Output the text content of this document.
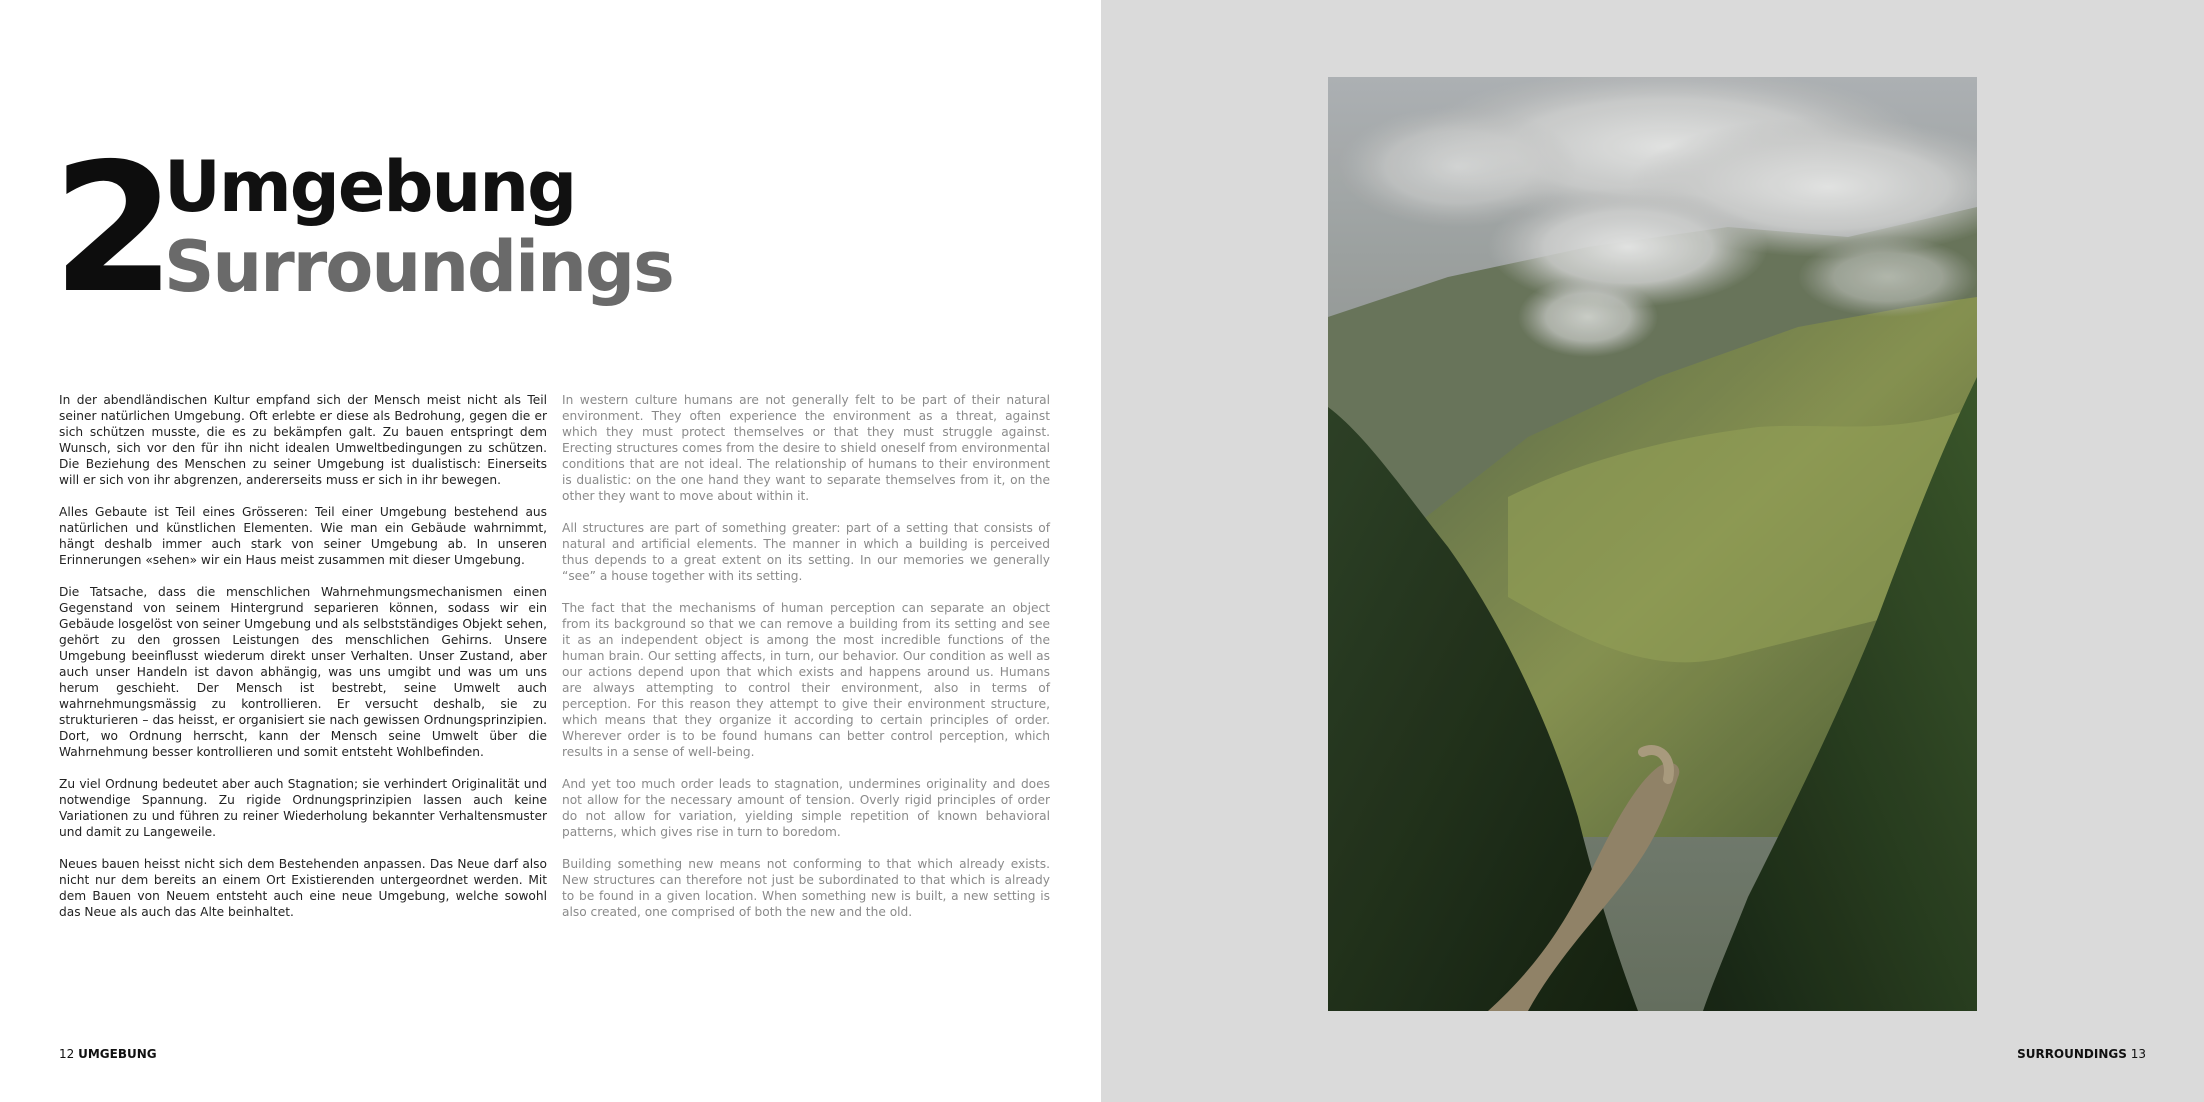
2
Umgebung
Surroundings

In der abendländischen Kultur empfand sich der Mensch meist nicht als Teil seiner natürlichen Umgebung. Oft erlebte er diese als Bedrohung, gegen die er sich schützen musste, die es zu bekämpfen galt. Zu bauen entspringt dem Wunsch, sich vor den für ihn nicht idealen Umweltbedingungen zu schützen. Die Beziehung des Menschen zu seiner Umgebung ist dualistisch: Einerseits will er sich von ihr abgrenzen, andererseits muss er sich in ihr bewegen.

Alles Gebaute ist Teil eines Grösseren: Teil einer Umgebung bestehend aus natürlichen und künstlichen Elementen. Wie man ein Gebäude wahrnimmt, hängt deshalb immer auch stark von seiner Umgebung ab. In unseren Erinnerungen «sehen» wir ein Haus meist zusammen mit dieser Umgebung.

Die Tatsache, dass die menschlichen Wahrnehmungsmechanismen einen Gegenstand von seinem Hintergrund separieren können, sodass wir ein Gebäude losgelöst von seiner Umgebung und als selbstständiges Objekt sehen, gehört zu den grossen Leistungen des menschlichen Gehirns. Unsere Umgebung beeinflusst wiederum direkt unser Verhalten. Unser Zustand, aber auch unser Handeln ist davon abhängig, was uns umgibt und was um uns herum geschieht. Der Mensch ist bestrebt, seine Umwelt auch wahrnehmungsmässig zu kontrollieren. Er versucht deshalb, sie zu strukturieren – das heisst, er organisiert sie nach gewissen Ordnungsprinzipien. Dort, wo Ordnung herrscht, kann der Mensch seine Umwelt über die Wahrnehmung besser kontrollieren und somit entsteht Wohlbefinden.

Zu viel Ordnung bedeutet aber auch Stagnation; sie verhindert Originalität und notwendige Spannung. Zu rigide Ordnungsprinzipien lassen auch keine Variationen zu und führen zu reiner Wiederholung bekannter Verhaltensmuster und damit zu Langeweile.

Neues bauen heisst nicht sich dem Bestehenden anpassen. Das Neue darf also nicht nur dem bereits an einem Ort Existierenden untergeordnet werden. Mit dem Bauen von Neuem entsteht auch eine neue Umgebung, welche sowohl das Neue als auch das Alte beinhaltet.

In western culture humans are not generally felt to be part of their natural environment. They often experience the environment as a threat, against which they must protect themselves or that they must struggle against. Erecting structures comes from the desire to shield oneself from environmental conditions that are not ideal. The relationship of humans to their environment is dualistic: on the one hand they want to separate themselves from it, on the other they want to move about within it.

All structures are part of something greater: part of a setting that consists of natural and artificial elements. The manner in which a building is perceived thus depends to a great extent on its setting. In our memories we generally “see” a house together with its setting.

The fact that the mechanisms of human perception can separate an object from its background so that we can remove a building from its setting and see it as an independent object is among the most incredible functions of the human brain. Our setting affects, in turn, our behavior. Our condition as well as our actions depend upon that which exists and happens around us. Humans are always attempting to control their environment, also in terms of perception. For this reason they attempt to give their environment structure, which means that they organize it according to certain principles of order. Wherever order is to be found humans can better control perception, which results in a sense of well-being.

And yet too much order leads to stagnation, undermines originality and does not allow for the necessary amount of tension. Overly rigid principles of order do not allow for variation, yielding simple repetition of known behavioral patterns, which gives rise in turn to boredom.

Building something new means not conforming to that which already exists. New structures can therefore not just be subordinated to that which is already to be found in a given location. When something new is built, a new setting is also created, one comprised of both the new and the old.

12 UMGEBUNG	SURROUNDINGS 13
